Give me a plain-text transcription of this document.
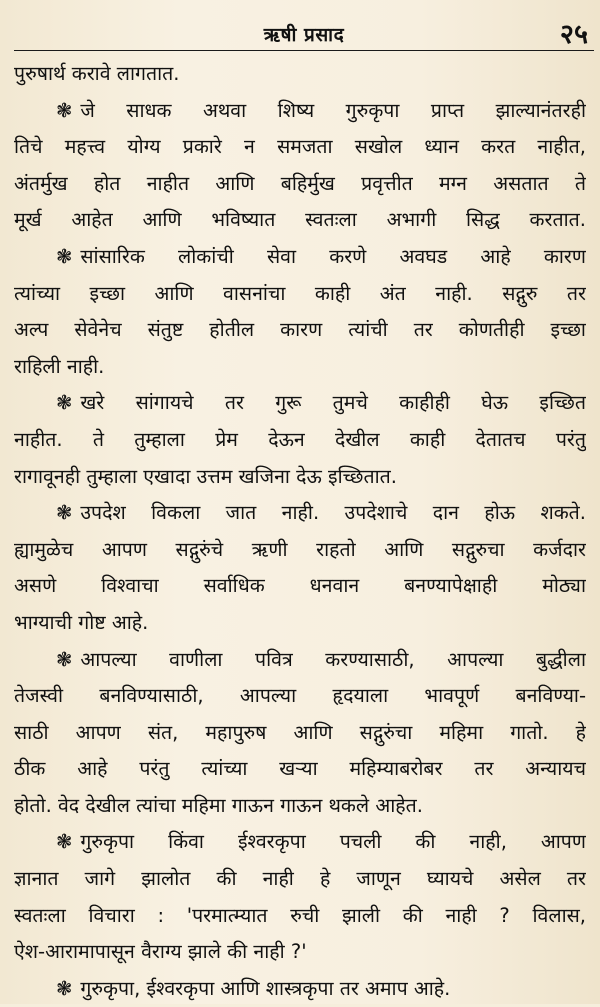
ऋषी प्रसाद	२५
पुरुषार्थ करावे लागतात.
❃ जे साधक अथवा शिष्य गुरुकृपा प्राप्त झाल्यानंतरही
तिचे महत्त्व योग्य प्रकारे न समजता सखोल ध्यान करत नाहीत,
अंतर्मुख होत नाहीत आणि बहिर्मुख प्रवृत्तीत मग्न असतात ते
मूर्ख आहेत आणि भविष्यात स्वतःला अभागी सिद्ध करतात.
❃ सांसारिक लोकांची सेवा करणे अवघड आहे कारण
त्यांच्या इच्छा आणि वासनांचा काही अंत नाही. सद्गुरु तर
अल्प सेवेनेच संतुष्ट होतील कारण त्यांची तर कोणतीही इच्छा
राहिली नाही.
❃ खरे सांगायचे तर गुरू तुमचे काहीही घेऊ इच्छित
नाहीत. ते तुम्हाला प्रेम देऊन देखील काही देतातच परंतु
रागावूनही तुम्हाला एखादा उत्तम खजिना देऊ इच्छितात.
❃ उपदेश विकला जात नाही. उपदेशाचे दान होऊ शकते.
ह्यामुळेच आपण सद्गुरुंचे ऋणी राहतो आणि सद्गुरुचा कर्जदार
असणे विश्वाचा सर्वाधिक धनवान बनण्यापेक्षाही मोठ्या
भाग्याची गोष्ट आहे.
❃ आपल्या वाणीला पवित्र करण्यासाठी, आपल्या बुद्धीला
तेजस्वी बनविण्यासाठी, आपल्या हृदयाला भावपूर्ण बनविण्या-
साठी आपण संत, महापुरुष आणि सद्गुरुंचा महिमा गातो. हे
ठीक आहे परंतु त्यांच्या खऱ्या महिम्याबरोबर तर अन्यायच
होतो. वेद देखील त्यांचा महिमा गाऊन गाऊन थकले आहेत.
❃ गुरुकृपा किंवा ईश्वरकृपा पचली की नाही, आपण
ज्ञानात जागे झालोत की नाही हे जाणून घ्यायचे असेल तर
स्वतःला विचारा : 'परमात्म्यात रुची झाली की नाही ? विलास,
ऐश-आरामापासून वैराग्य झाले की नाही ?'
❃ गुरुकृपा, ईश्वरकृपा आणि शास्त्रकृपा तर अमाप आहे.
